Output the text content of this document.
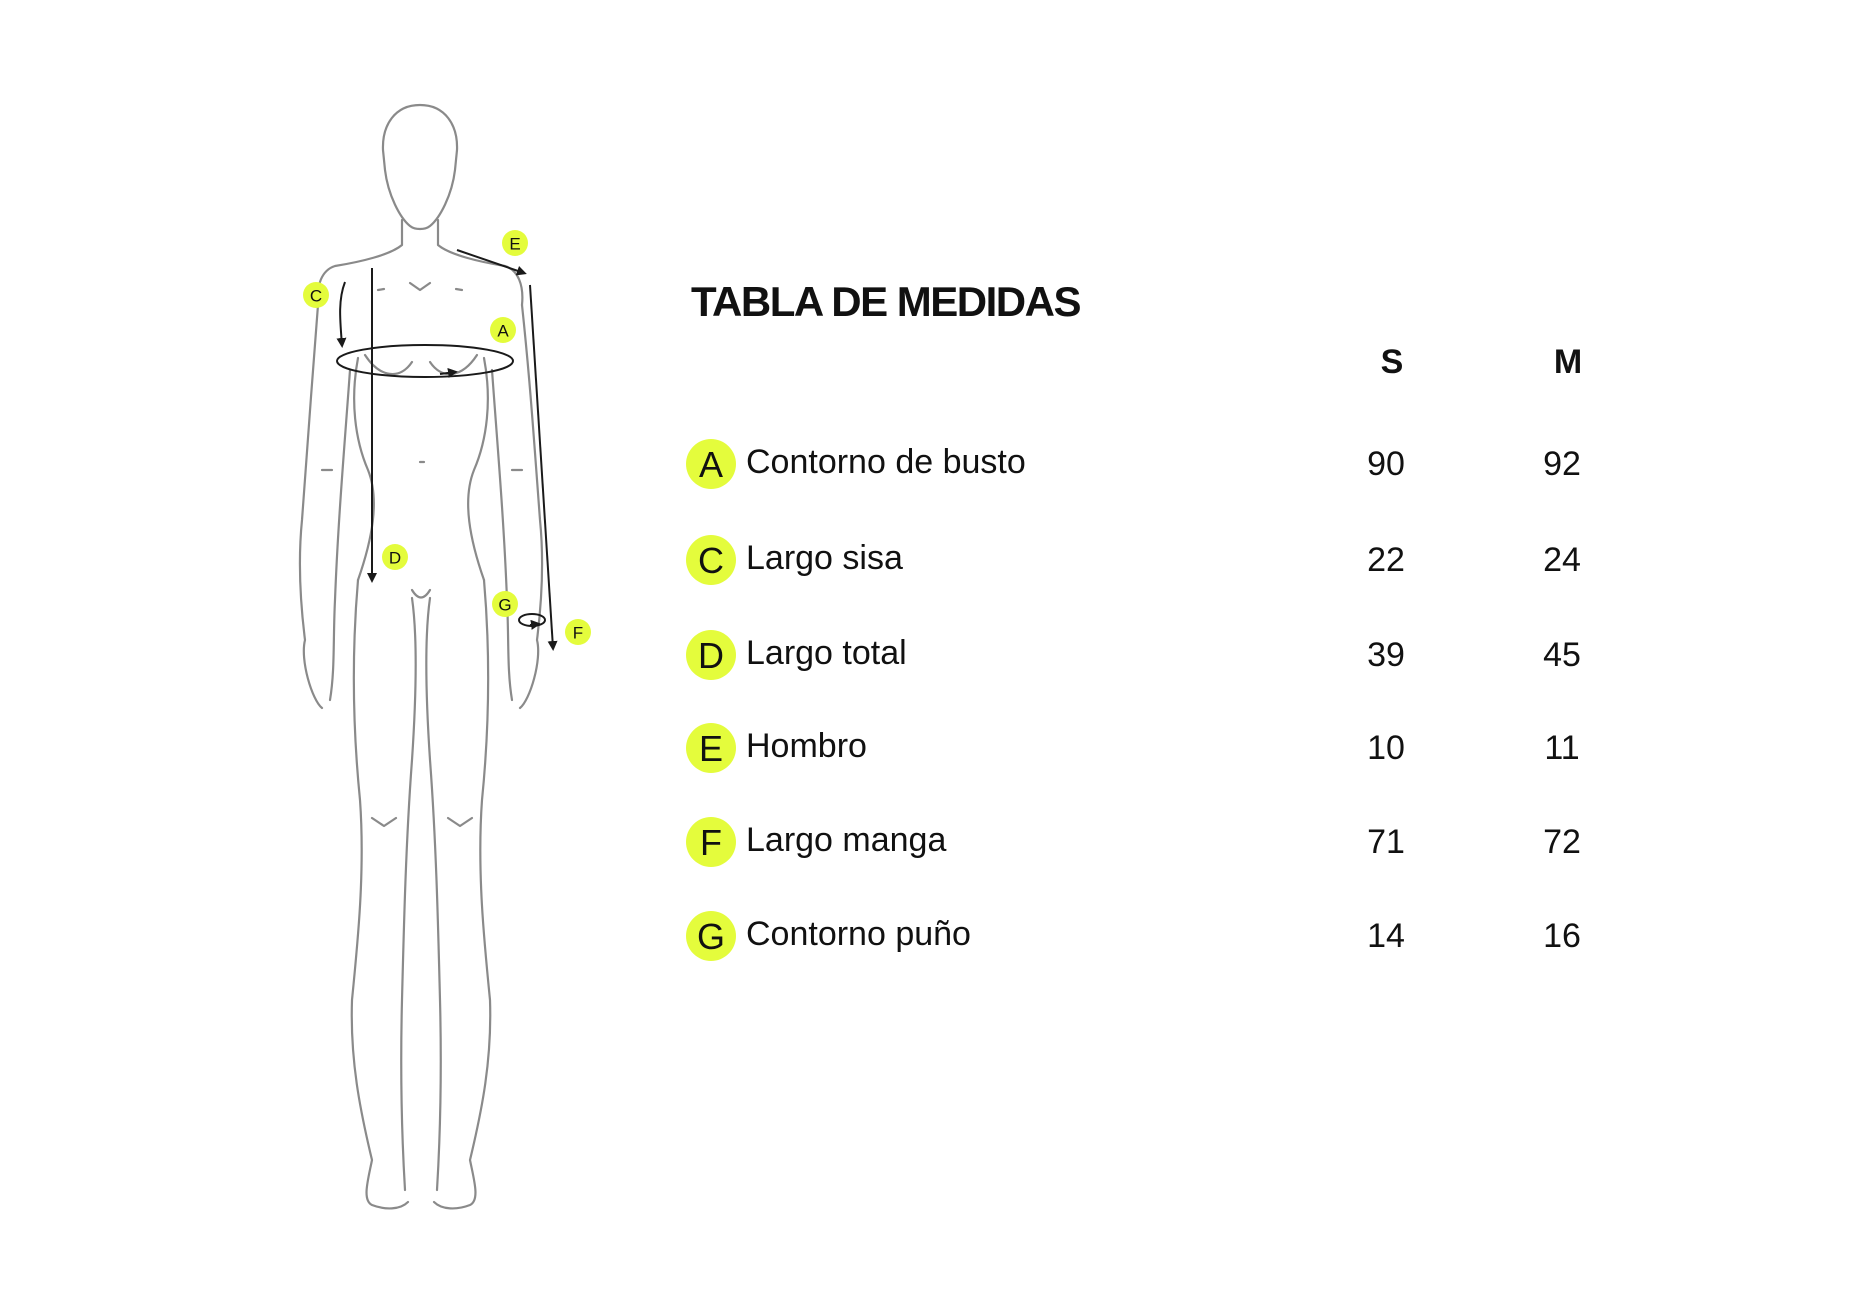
E
C
A
D
G
F
TABLA DE MEDIDAS
S	M
A Contorno de busto	90	92
C Largo sisa	22	24
D Largo total	39	45
E Hombro	10	11
F Largo manga	71	72
G Contorno puño	14	16
